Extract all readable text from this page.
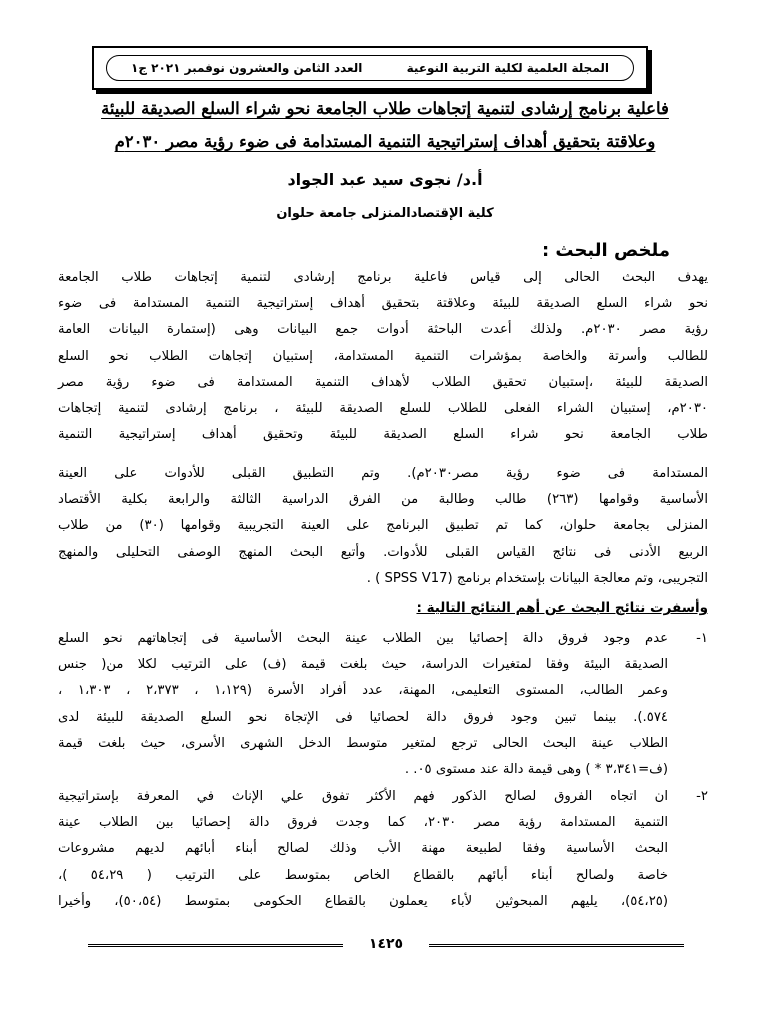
المجلة العلمية لكلية التربية النوعية
العدد الثامن والعشرون نوفمبر ٢٠٢١ ج١
فاعلية برنامج إرشادى لتنمية إتجاهات طلاب الجامعة نحو شراء السلع الصديقة للبيئة
وعلاقتة بتحقيق أهداف إستراتيجية التنمية المستدامة فى ضوء رؤية مصر ٢٠٣٠م
أ.د/ نجوى سيد عبد الجواد
كلية الإقتصادالمنزلى جامعة حلوان
ملخص البحث :
يهدف البحث الحالى إلى قياس فاعلية برنامج إرشادى لتنمية إتجاهات طلاب الجامعة
نحو شراء السلع الصديقة للبيئة وعلاقتة بتحقيق أهداف إستراتيجية التنمية المستدامة فى ضوء
رؤية مصر ٢٠٣٠م. ولذلك أعدت الباحثة أدوات جمع البيانات وهى (إستمارة البيانات العامة
للطالب وأسرتة والخاصة بمؤشرات التنمية المستدامة، إستبيان إتجاهات الطلاب نحو السلع
الصديقة للبيئة ،إستبيان تحقيق الطلاب لأهداف التنمية المستدامة فى ضوء رؤية مصر
٢٠٣٠م، إستبيان الشراء الفعلى للطلاب للسلع الصديقة للبيئة ، برنامج إرشادى لتنمية إتجاهات
طلاب الجامعة نحو شراء السلع الصديقة للبيئة وتحقيق أهداف إستراتيجية التنمية
المستدامة فى ضوء رؤية مصر٢٠٣٠م). وتم التطبيق القبلى للأدوات على العينة
الأساسية وقوامها (٢٦٣) طالب وطالبة من الفرق الدراسية الثالثة والرابعة بكلية الأقتصاد
المنزلى بجامعة حلوان، كما تم تطبيق البرنامج على العينة التجريبية وقوامها (٣٠) من طلاب
الربيع الأدنى فى نتائج القياس القبلى للأدوات. وأتبع البحث المنهج الوصفى التحليلى والمنهج
التجريبى، وتم معالجة البيانات بإستخدام برنامج (SPSS V17 ) .
وأسفرت نتائج البحث عن أهم النتائج التالية :
١-
عدم وجود فروق دالة إحصائيا بين الطلاب عينة البحث الأساسية فى إتجاهاتهم نحو السلع
الصديقة البيئة وفقا لمتغيرات الدراسة، حيث بلغت قيمة (ف) على الترتيب لكلا من( جنس
وعمر الطالب، المستوى التعليمى، المهنة، عدد أفراد الأسرة (١،١٢٩ ، ٢،٣٧٣ ، ١،٣٠٣ ،
٥٧٤.). بينما تبين وجود فروق دالة لحصائيا فى الإتجاة نحو السلع الصديقة للبيئة لدى
الطلاب عينة البحث الحالى ترجع لمتغير متوسط الدخل الشهرى الأسرى، حيث بلغت قيمة
(ف=٣،٣٤١ * ) وهى قيمة دالة عند مستوى ٠٥. .
٢-
ان اتجاه الفروق لصالح الذكور فهم الأكثر تفوق علي الإناث في المعرفة بإستراتيجية
التنمية المستدامة رؤية مصر ٢٠٣٠، كما وجدت فروق دالة إحصائيا بين الطلاب عينة
البحث الأساسية وفقا لطبيعة مهنة الأب وذلك لصالح أبناء أبائهم لديهم مشروعات
خاصة ولصالح أبناء أبائهم بالقطاع الخاص بمتوسط على الترتيب ( ٥٤،٢٩ )،
(٥٤،٢٥)، يليهم المبحوثين لأباء يعملون بالقطاع الحكومى بمتوسط (٥٠،٥٤)، وأخيرا
١٤٢٥
